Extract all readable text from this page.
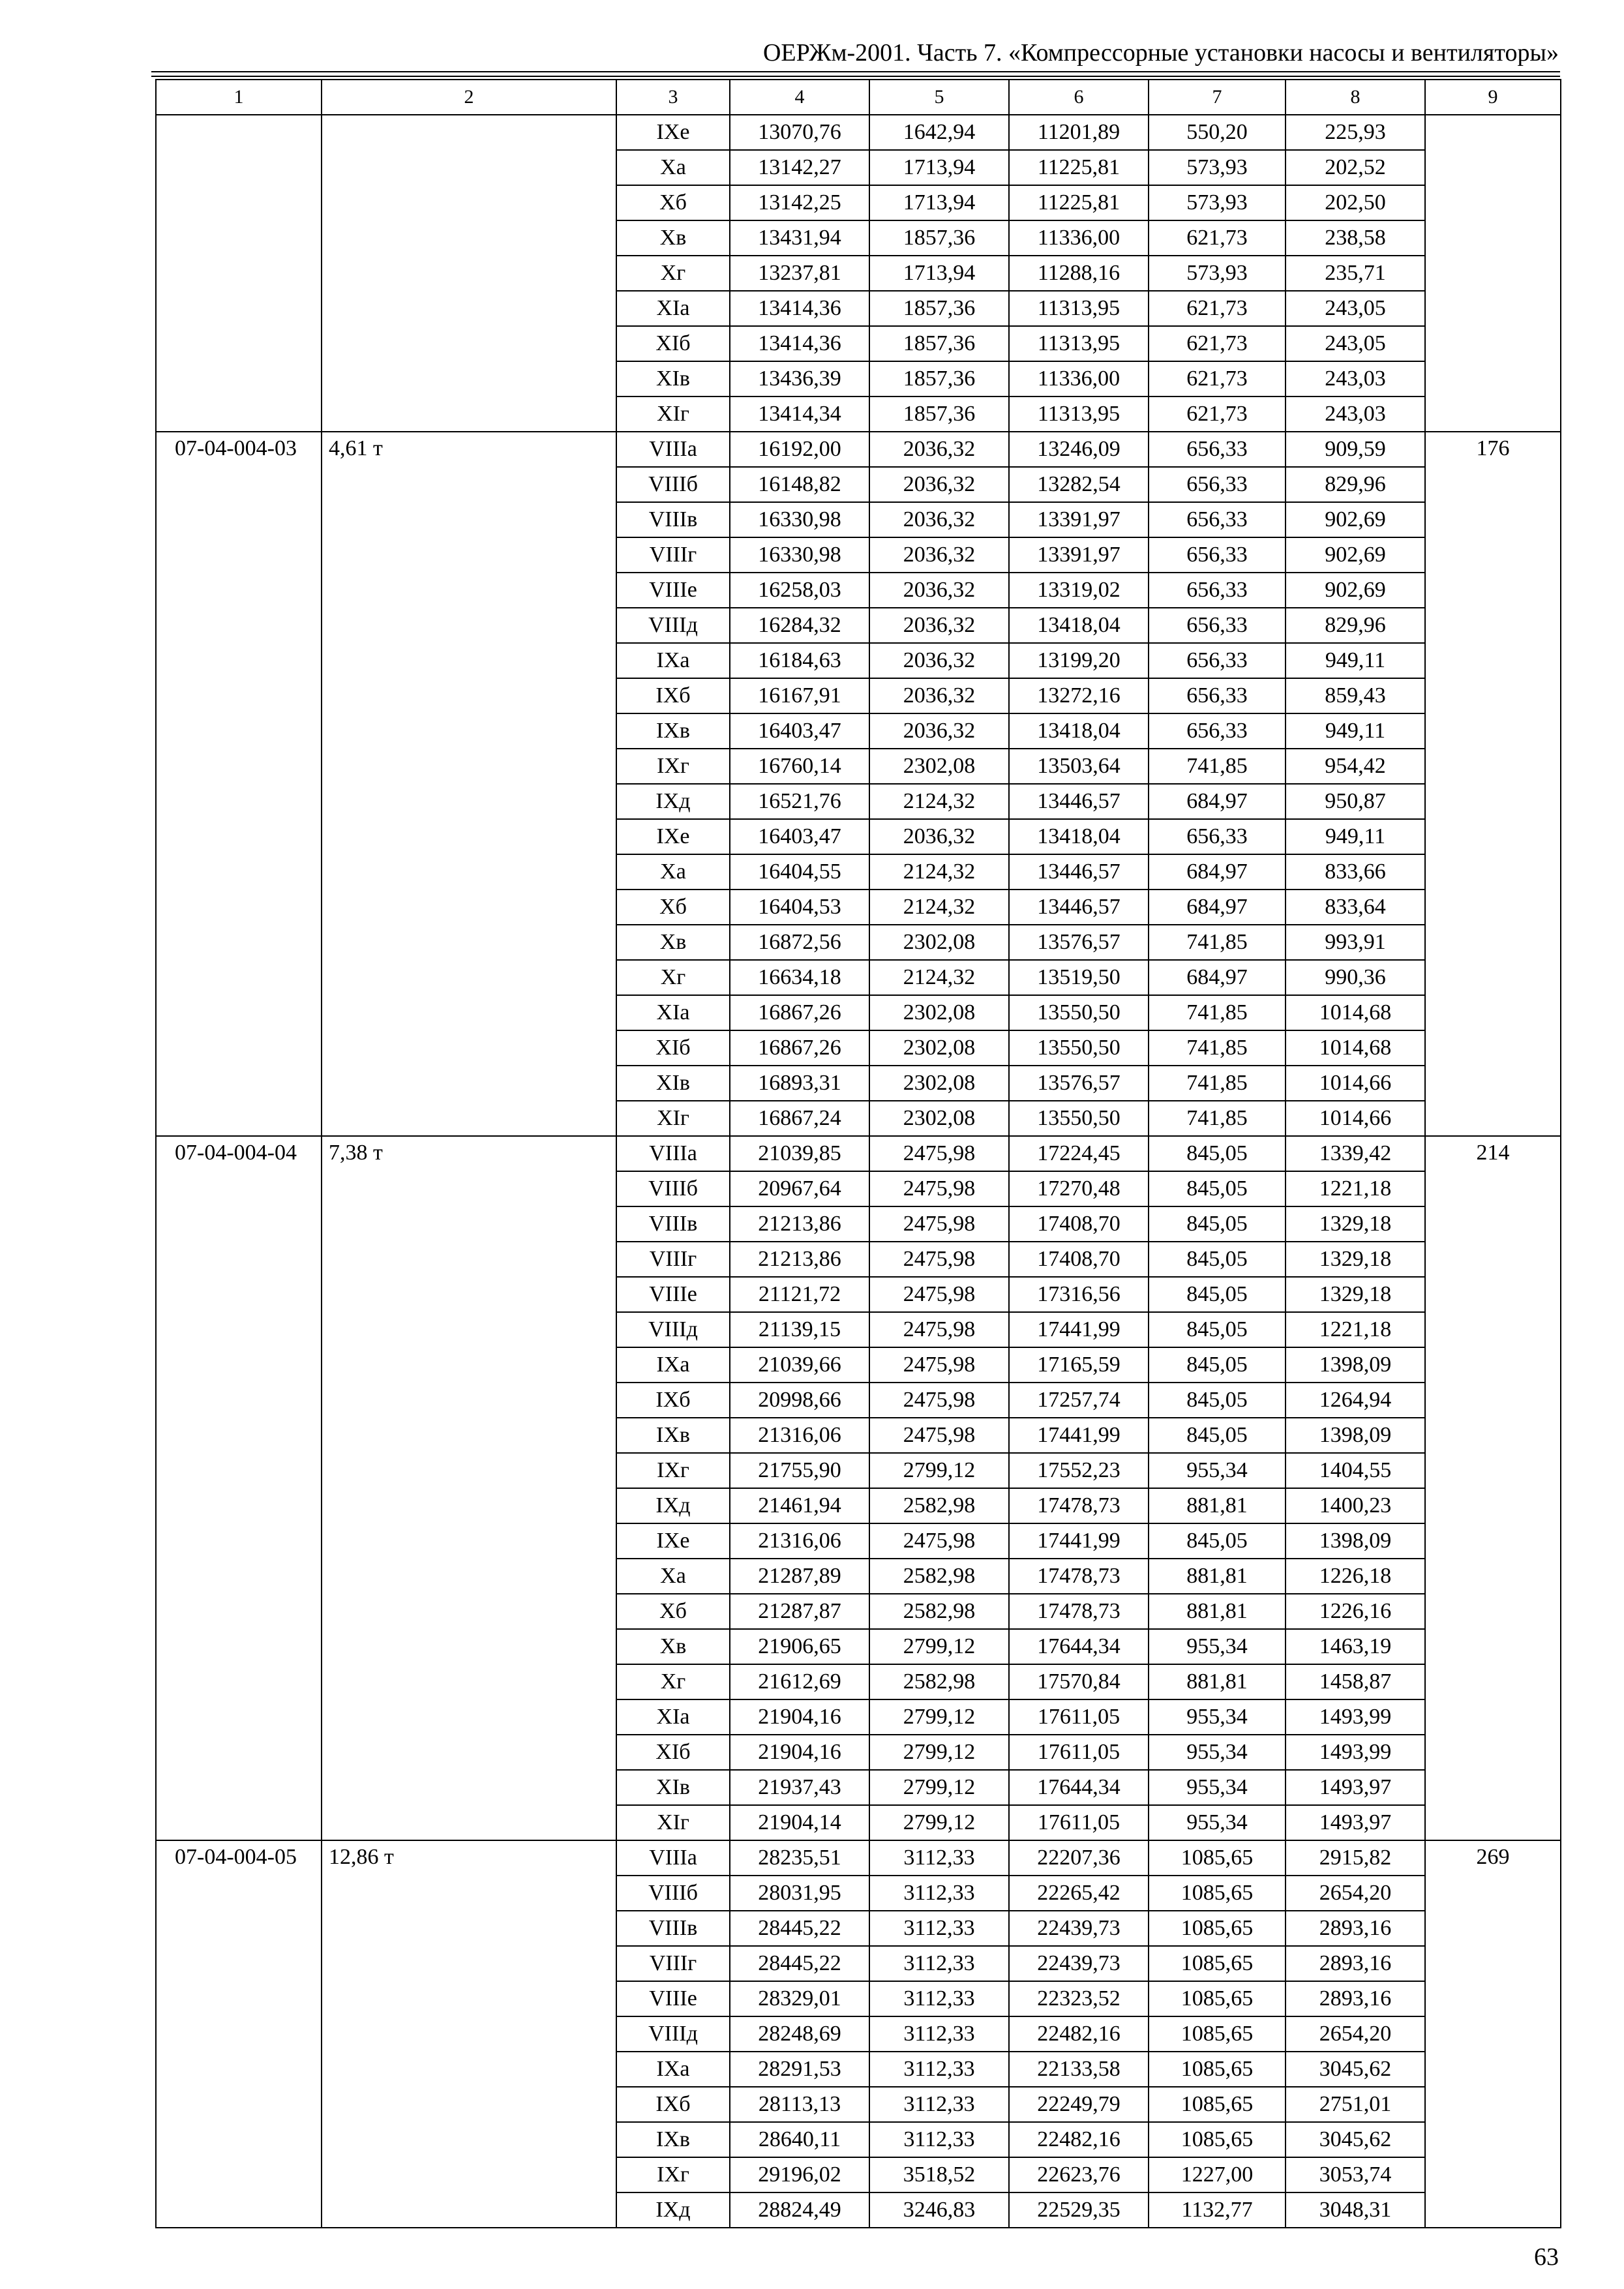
ОЕРЖм-2001. Часть 7. «Компрессорные установки насосы и вентиляторы»
1	2	3	4	5	6	7	8	9
		IXе	13070,76	1642,94	11201,89	550,20	225,93	
		Xа	13142,27	1713,94	11225,81	573,93	202,52	
		Xб	13142,25	1713,94	11225,81	573,93	202,50	
		Xв	13431,94	1857,36	11336,00	621,73	238,58	
		Xг	13237,81	1713,94	11288,16	573,93	235,71	
		XIа	13414,36	1857,36	11313,95	621,73	243,05	
		XIб	13414,36	1857,36	11313,95	621,73	243,05	
		XIв	13436,39	1857,36	11336,00	621,73	243,03	
		XIг	13414,34	1857,36	11313,95	621,73	243,03	
07-04-004-03	4,61 т	VIIIа	16192,00	2036,32	13246,09	656,33	909,59	176
		VIIIб	16148,82	2036,32	13282,54	656,33	829,96	
		VIIIв	16330,98	2036,32	13391,97	656,33	902,69	
		VIIIг	16330,98	2036,32	13391,97	656,33	902,69	
		VIIIе	16258,03	2036,32	13319,02	656,33	902,69	
		VIIIд	16284,32	2036,32	13418,04	656,33	829,96	
		IXа	16184,63	2036,32	13199,20	656,33	949,11	
		IXб	16167,91	2036,32	13272,16	656,33	859,43	
		IXв	16403,47	2036,32	13418,04	656,33	949,11	
		IXг	16760,14	2302,08	13503,64	741,85	954,42	
		IXд	16521,76	2124,32	13446,57	684,97	950,87	
		IXе	16403,47	2036,32	13418,04	656,33	949,11	
		Xа	16404,55	2124,32	13446,57	684,97	833,66	
		Xб	16404,53	2124,32	13446,57	684,97	833,64	
		Xв	16872,56	2302,08	13576,57	741,85	993,91	
		Xг	16634,18	2124,32	13519,50	684,97	990,36	
		XIа	16867,26	2302,08	13550,50	741,85	1014,68	
		XIб	16867,26	2302,08	13550,50	741,85	1014,68	
		XIв	16893,31	2302,08	13576,57	741,85	1014,66	
		XIг	16867,24	2302,08	13550,50	741,85	1014,66	
07-04-004-04	7,38 т	VIIIа	21039,85	2475,98	17224,45	845,05	1339,42	214
		VIIIб	20967,64	2475,98	17270,48	845,05	1221,18	
		VIIIв	21213,86	2475,98	17408,70	845,05	1329,18	
		VIIIг	21213,86	2475,98	17408,70	845,05	1329,18	
		VIIIе	21121,72	2475,98	17316,56	845,05	1329,18	
		VIIIд	21139,15	2475,98	17441,99	845,05	1221,18	
		IXа	21039,66	2475,98	17165,59	845,05	1398,09	
		IXб	20998,66	2475,98	17257,74	845,05	1264,94	
		IXв	21316,06	2475,98	17441,99	845,05	1398,09	
		IXг	21755,90	2799,12	17552,23	955,34	1404,55	
		IXд	21461,94	2582,98	17478,73	881,81	1400,23	
		IXе	21316,06	2475,98	17441,99	845,05	1398,09	
		Xа	21287,89	2582,98	17478,73	881,81	1226,18	
		Xб	21287,87	2582,98	17478,73	881,81	1226,16	
		Xв	21906,65	2799,12	17644,34	955,34	1463,19	
		Xг	21612,69	2582,98	17570,84	881,81	1458,87	
		XIа	21904,16	2799,12	17611,05	955,34	1493,99	
		XIб	21904,16	2799,12	17611,05	955,34	1493,99	
		XIв	21937,43	2799,12	17644,34	955,34	1493,97	
		XIг	21904,14	2799,12	17611,05	955,34	1493,97	
07-04-004-05	12,86 т	VIIIа	28235,51	3112,33	22207,36	1085,65	2915,82	269
		VIIIб	28031,95	3112,33	22265,42	1085,65	2654,20	
		VIIIв	28445,22	3112,33	22439,73	1085,65	2893,16	
		VIIIг	28445,22	3112,33	22439,73	1085,65	2893,16	
		VIIIе	28329,01	3112,33	22323,52	1085,65	2893,16	
		VIIIд	28248,69	3112,33	22482,16	1085,65	2654,20	
		IXа	28291,53	3112,33	22133,58	1085,65	3045,62	
		IXб	28113,13	3112,33	22249,79	1085,65	2751,01	
		IXв	28640,11	3112,33	22482,16	1085,65	3045,62	
		IXг	29196,02	3518,52	22623,76	1227,00	3053,74	
		IXд	28824,49	3246,83	22529,35	1132,77	3048,31	
63
